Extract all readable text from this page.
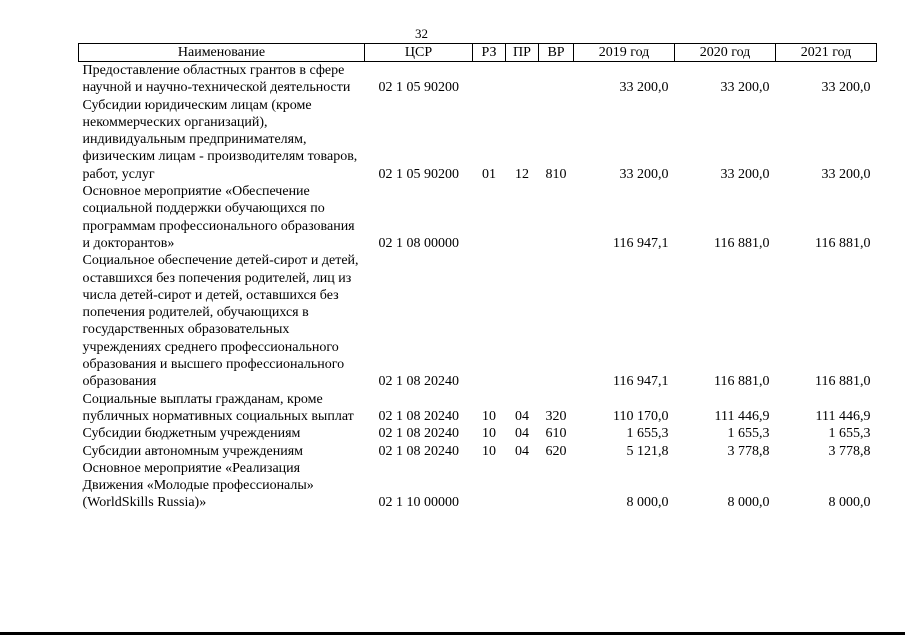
32
Наименование	ЦСР	РЗ	ПР	ВР	2019 год	2020 год	2021 год
Предоставление областных грантов в сфере научной и научно-технической деятельности	02 1 05 90200				33 200,0	33 200,0	33 200,0
Субсидии юридическим лицам (кроме некоммерческих организаций), индивидуальным предпринимателям, физическим лицам - производителям товаров, работ, услуг	02 1 05 90200	01	12	810	33 200,0	33 200,0	33 200,0
Основное мероприятие «Обеспечение социальной поддержки обучающихся по программам профессионального образования и докторантов»	02 1 08 00000				116 947,1	116 881,0	116 881,0
Социальное обеспечение детей-сирот и детей, оставшихся без попечения родителей, лиц из числа детей-сирот и детей, оставшихся без попечения родителей, обучающихся в государственных образовательных учреждениях среднего профессионального образования и высшего профессионального образования	02 1 08 20240				116 947,1	116 881,0	116 881,0
Социальные выплаты гражданам, кроме публичных нормативных социальных выплат	02 1 08 20240	10	04	320	110 170,0	111 446,9	111 446,9
Субсидии бюджетным учреждениям	02 1 08 20240	10	04	610	1 655,3	1 655,3	1 655,3
Субсидии автономным учреждениям	02 1 08 20240	10	04	620	5 121,8	3 778,8	3 778,8
Основное мероприятие «Реализация Движения «Молодые профессионалы» (WorldSkills Russia)»	02 1 10 00000				8 000,0	8 000,0	8 000,0
